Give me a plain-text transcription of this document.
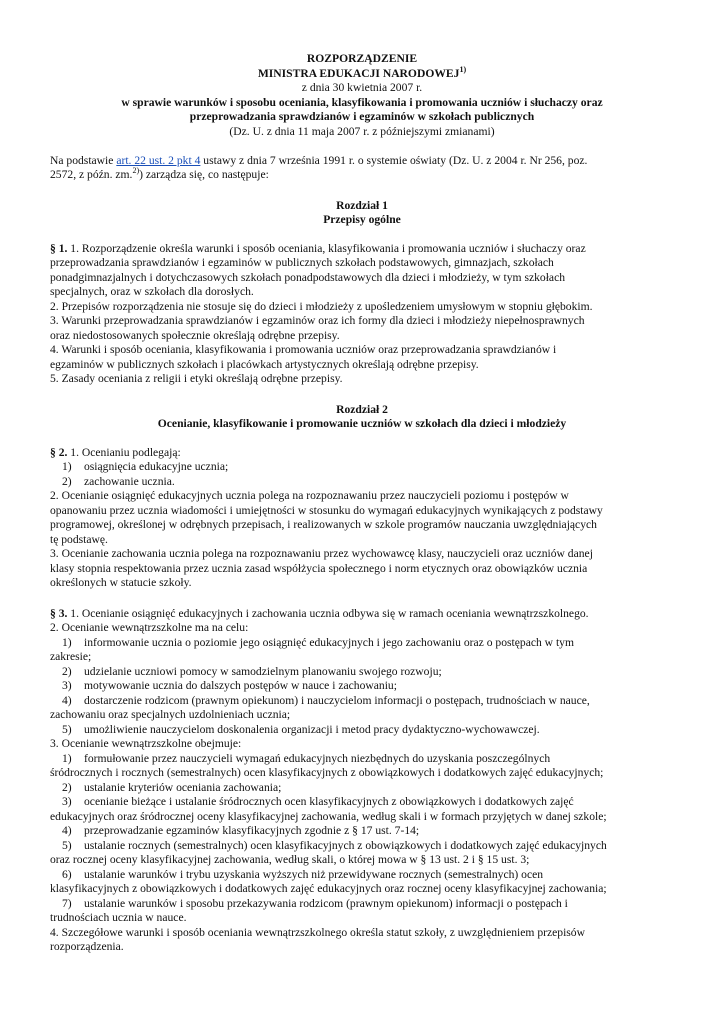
ROZPORZĄDZENIE
MINISTRA EDUKACJI NARODOWEJ$^{1)}$
z dnia 30 kwietnia 2007 r.
w sprawie warunków i sposobu oceniania, klasyfikowania i promowania uczniów i słuchaczy oraz
przeprowadzania sprawdzianów i egzaminów w szkołach publicznych
(Dz. U. z dnia 11 maja 2007 r. z późniejszymi zmianami)
Na podstawie art. 22 ust. 2 pkt 4 ustawy z dnia 7 września 1991 r. o systemie oświaty (Dz. U. z 2004 r. Nr 256, poz.
2572, z późn. zm.$^{2)}$) zarządza się, co następuje:
Rozdział 1
Przepisy ogólne
§ 1. 1. Rozporządzenie określa warunki i sposób oceniania, klasyfikowania i promowania uczniów i słuchaczy oraz
przeprowadzania sprawdzianów i egzaminów w publicznych szkołach podstawowych, gimnazjach, szkołach
ponadgimnazjalnych i dotychczasowych szkołach ponadpodstawowych dla dzieci i młodzieży, w tym szkołach
specjalnych, oraz w szkołach dla dorosłych.
2. Przepisów rozporządzenia nie stosuje się do dzieci i młodzieży z upośledzeniem umysłowym w stopniu głębokim.
3. Warunki przeprowadzania sprawdzianów i egzaminów oraz ich formy dla dzieci i młodzieży niepełnosprawnych
oraz niedostosowanych społecznie określają odrębne przepisy.
4. Warunki i sposób oceniania, klasyfikowania i promowania uczniów oraz przeprowadzania sprawdzianów i
egzaminów w publicznych szkołach i placówkach artystycznych określają odrębne przepisy.
5. Zasady oceniania z religii i etyki określają odrębne przepisy.
Rozdział 2
Ocenianie, klasyfikowanie i promowanie uczniów w szkołach dla dzieci i młodzieży
§ 2. 1. Ocenianiu podlegają:
1) osiągnięcia edukacyjne ucznia;
2) zachowanie ucznia.
2. Ocenianie osiągnięć edukacyjnych ucznia polega na rozpoznawaniu przez nauczycieli poziomu i postępów w
opanowaniu przez ucznia wiadomości i umiejętności w stosunku do wymagań edukacyjnych wynikających z podstawy
programowej, określonej w odrębnych przepisach, i realizowanych w szkole programów nauczania uwzględniających
tę podstawę.
3. Ocenianie zachowania ucznia polega na rozpoznawaniu przez wychowawcę klasy, nauczycieli oraz uczniów danej
klasy stopnia respektowania przez ucznia zasad współżycia społecznego i norm etycznych oraz obowiązków ucznia
określonych w statucie szkoły.
§ 3. 1. Ocenianie osiągnięć edukacyjnych i zachowania ucznia odbywa się w ramach oceniania wewnątrzszkolnego.
2. Ocenianie wewnątrzszkolne ma na celu:
1) informowanie ucznia o poziomie jego osiągnięć edukacyjnych i jego zachowaniu oraz o postępach w tym
zakresie;
2) udzielanie uczniowi pomocy w samodzielnym planowaniu swojego rozwoju;
3) motywowanie ucznia do dalszych postępów w nauce i zachowaniu;
4) dostarczenie rodzicom (prawnym opiekunom) i nauczycielom informacji o postępach, trudnościach w nauce,
zachowaniu oraz specjalnych uzdolnieniach ucznia;
5) umożliwienie nauczycielom doskonalenia organizacji i metod pracy dydaktyczno-wychowawczej.
3. Ocenianie wewnątrzszkolne obejmuje:
1) formułowanie przez nauczycieli wymagań edukacyjnych niezbędnych do uzyskania poszczególnych
śródrocznych i rocznych (semestralnych) ocen klasyfikacyjnych z obowiązkowych i dodatkowych zajęć edukacyjnych;
2) ustalanie kryteriów oceniania zachowania;
3) ocenianie bieżące i ustalanie śródrocznych ocen klasyfikacyjnych z obowiązkowych i dodatkowych zajęć
edukacyjnych oraz śródrocznej oceny klasyfikacyjnej zachowania, według skali i w formach przyjętych w danej szkole;
4) przeprowadzanie egzaminów klasyfikacyjnych zgodnie z § 17 ust. 7-14;
5) ustalanie rocznych (semestralnych) ocen klasyfikacyjnych z obowiązkowych i dodatkowych zajęć edukacyjnych
oraz rocznej oceny klasyfikacyjnej zachowania, według skali, o której mowa w § 13 ust. 2 i § 15 ust. 3;
6) ustalanie warunków i trybu uzyskania wyższych niż przewidywane rocznych (semestralnych) ocen
klasyfikacyjnych z obowiązkowych i dodatkowych zajęć edukacyjnych oraz rocznej oceny klasyfikacyjnej zachowania;
7) ustalanie warunków i sposobu przekazywania rodzicom (prawnym opiekunom) informacji o postępach i
trudnościach ucznia w nauce.
4. Szczegółowe warunki i sposób oceniania wewnątrzszkolnego określa statut szkoły, z uwzględnieniem przepisów
rozporządzenia.
